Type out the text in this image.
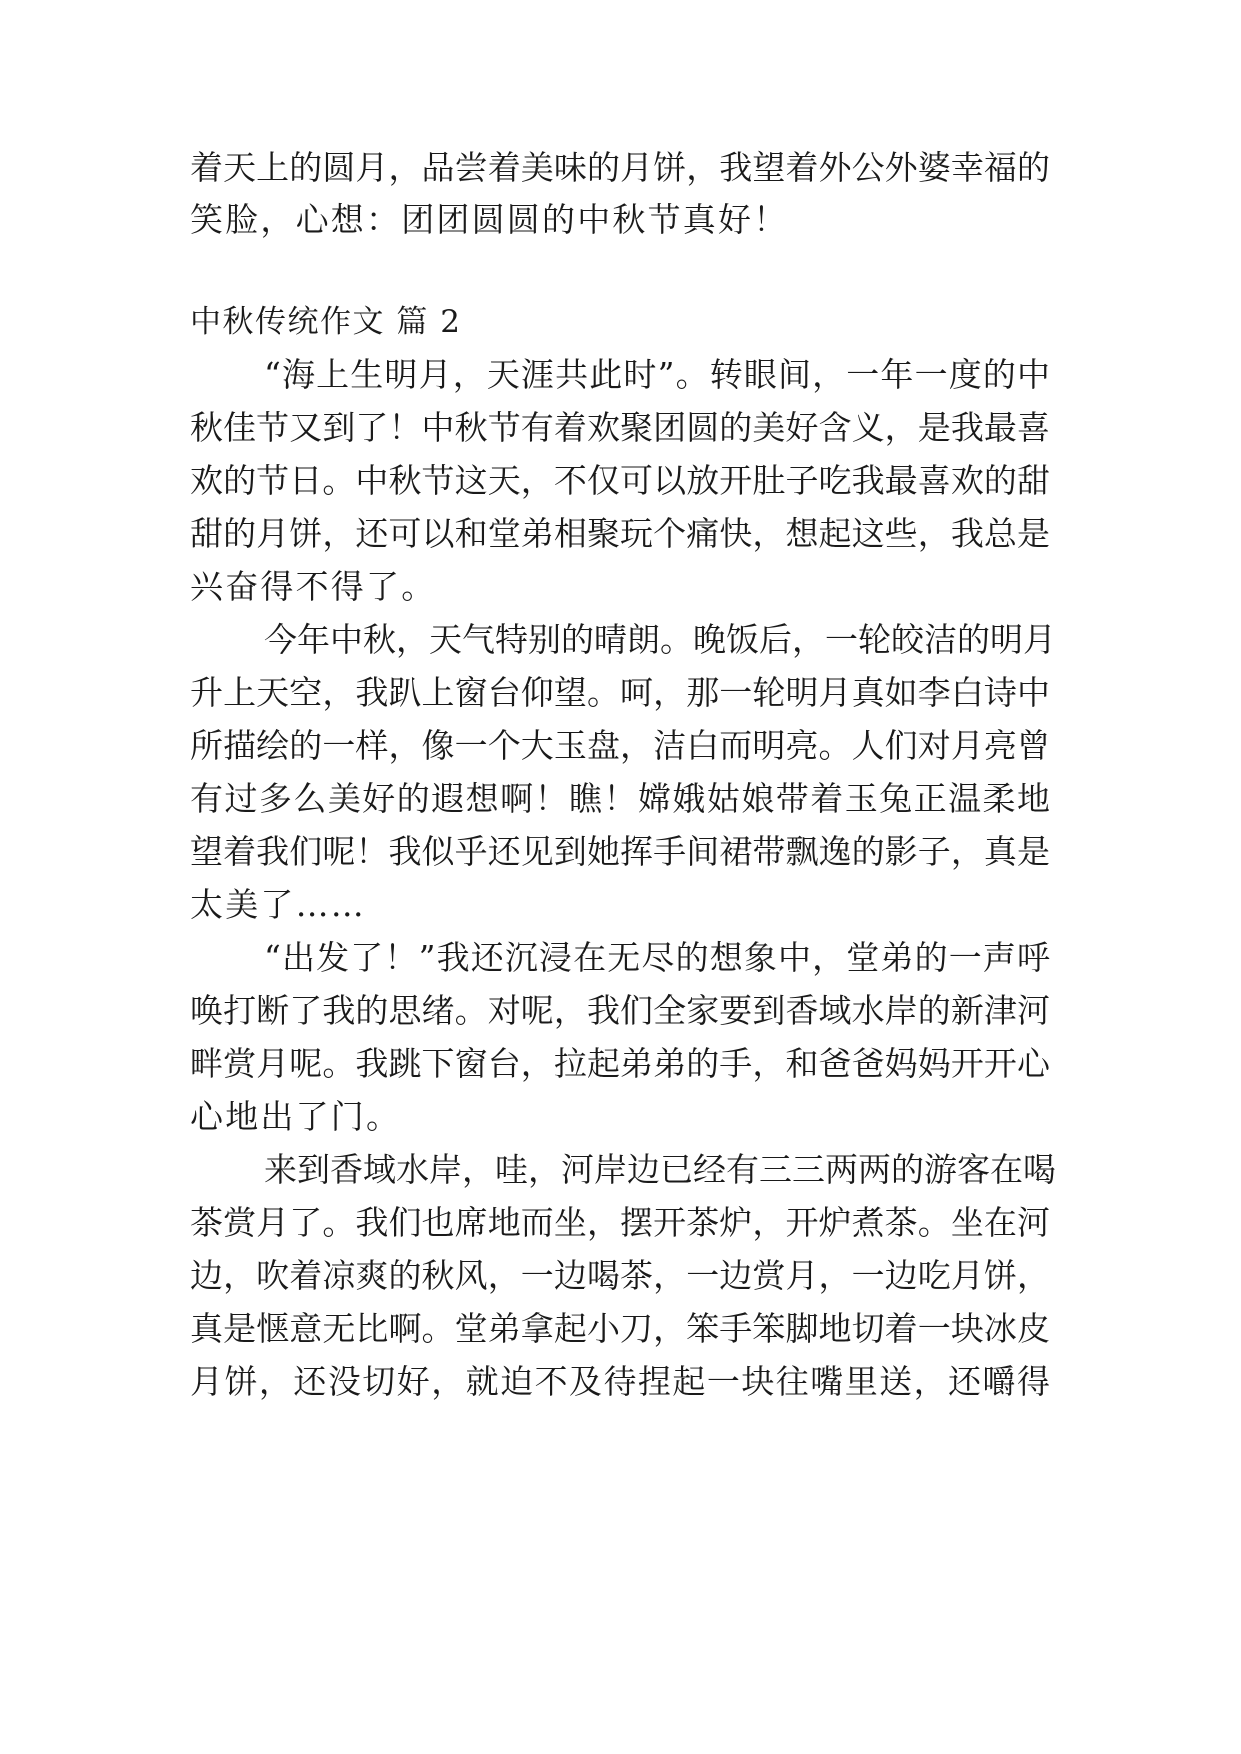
着天上的圆月，品尝着美味的月饼，我望着外公外婆幸福的
笑脸，心想：团团圆圆的中秋节真好！
中秋传统作文 篇 2
“海上生明月，天涯共此时”。转眼间，一年一度的中
秋佳节又到了！中秋节有着欢聚团圆的美好含义，是我最喜
欢的节日。中秋节这天，不仅可以放开肚子吃我最喜欢的甜
甜的月饼，还可以和堂弟相聚玩个痛快，想起这些，我总是
兴奋得不得了。
今年中秋，天气特别的晴朗。晚饭后，一轮皎洁的明月
升上天空，我趴上窗台仰望。呵，那一轮明月真如李白诗中
所描绘的一样，像一个大玉盘，洁白而明亮。人们对月亮曾
有过多么美好的遐想啊！瞧！嫦娥姑娘带着玉兔正温柔地
望着我们呢！我似乎还见到她挥手间裙带飘逸的影子，真是
太美了……
“出发了！”我还沉浸在无尽的想象中，堂弟的一声呼
唤打断了我的思绪。对呢，我们全家要到香域水岸的新津河
畔赏月呢。我跳下窗台，拉起弟弟的手，和爸爸妈妈开开心
心地出了门。
来到香域水岸，哇，河岸边已经有三三两两的游客在喝
茶赏月了。我们也席地而坐，摆开茶炉，开炉煮茶。坐在河
边，吹着凉爽的秋风，一边喝茶，一边赏月，一边吃月饼，
真是惬意无比啊。堂弟拿起小刀，笨手笨脚地切着一块冰皮
月饼，还没切好，就迫不及待捏起一块往嘴里送，还嚼得
